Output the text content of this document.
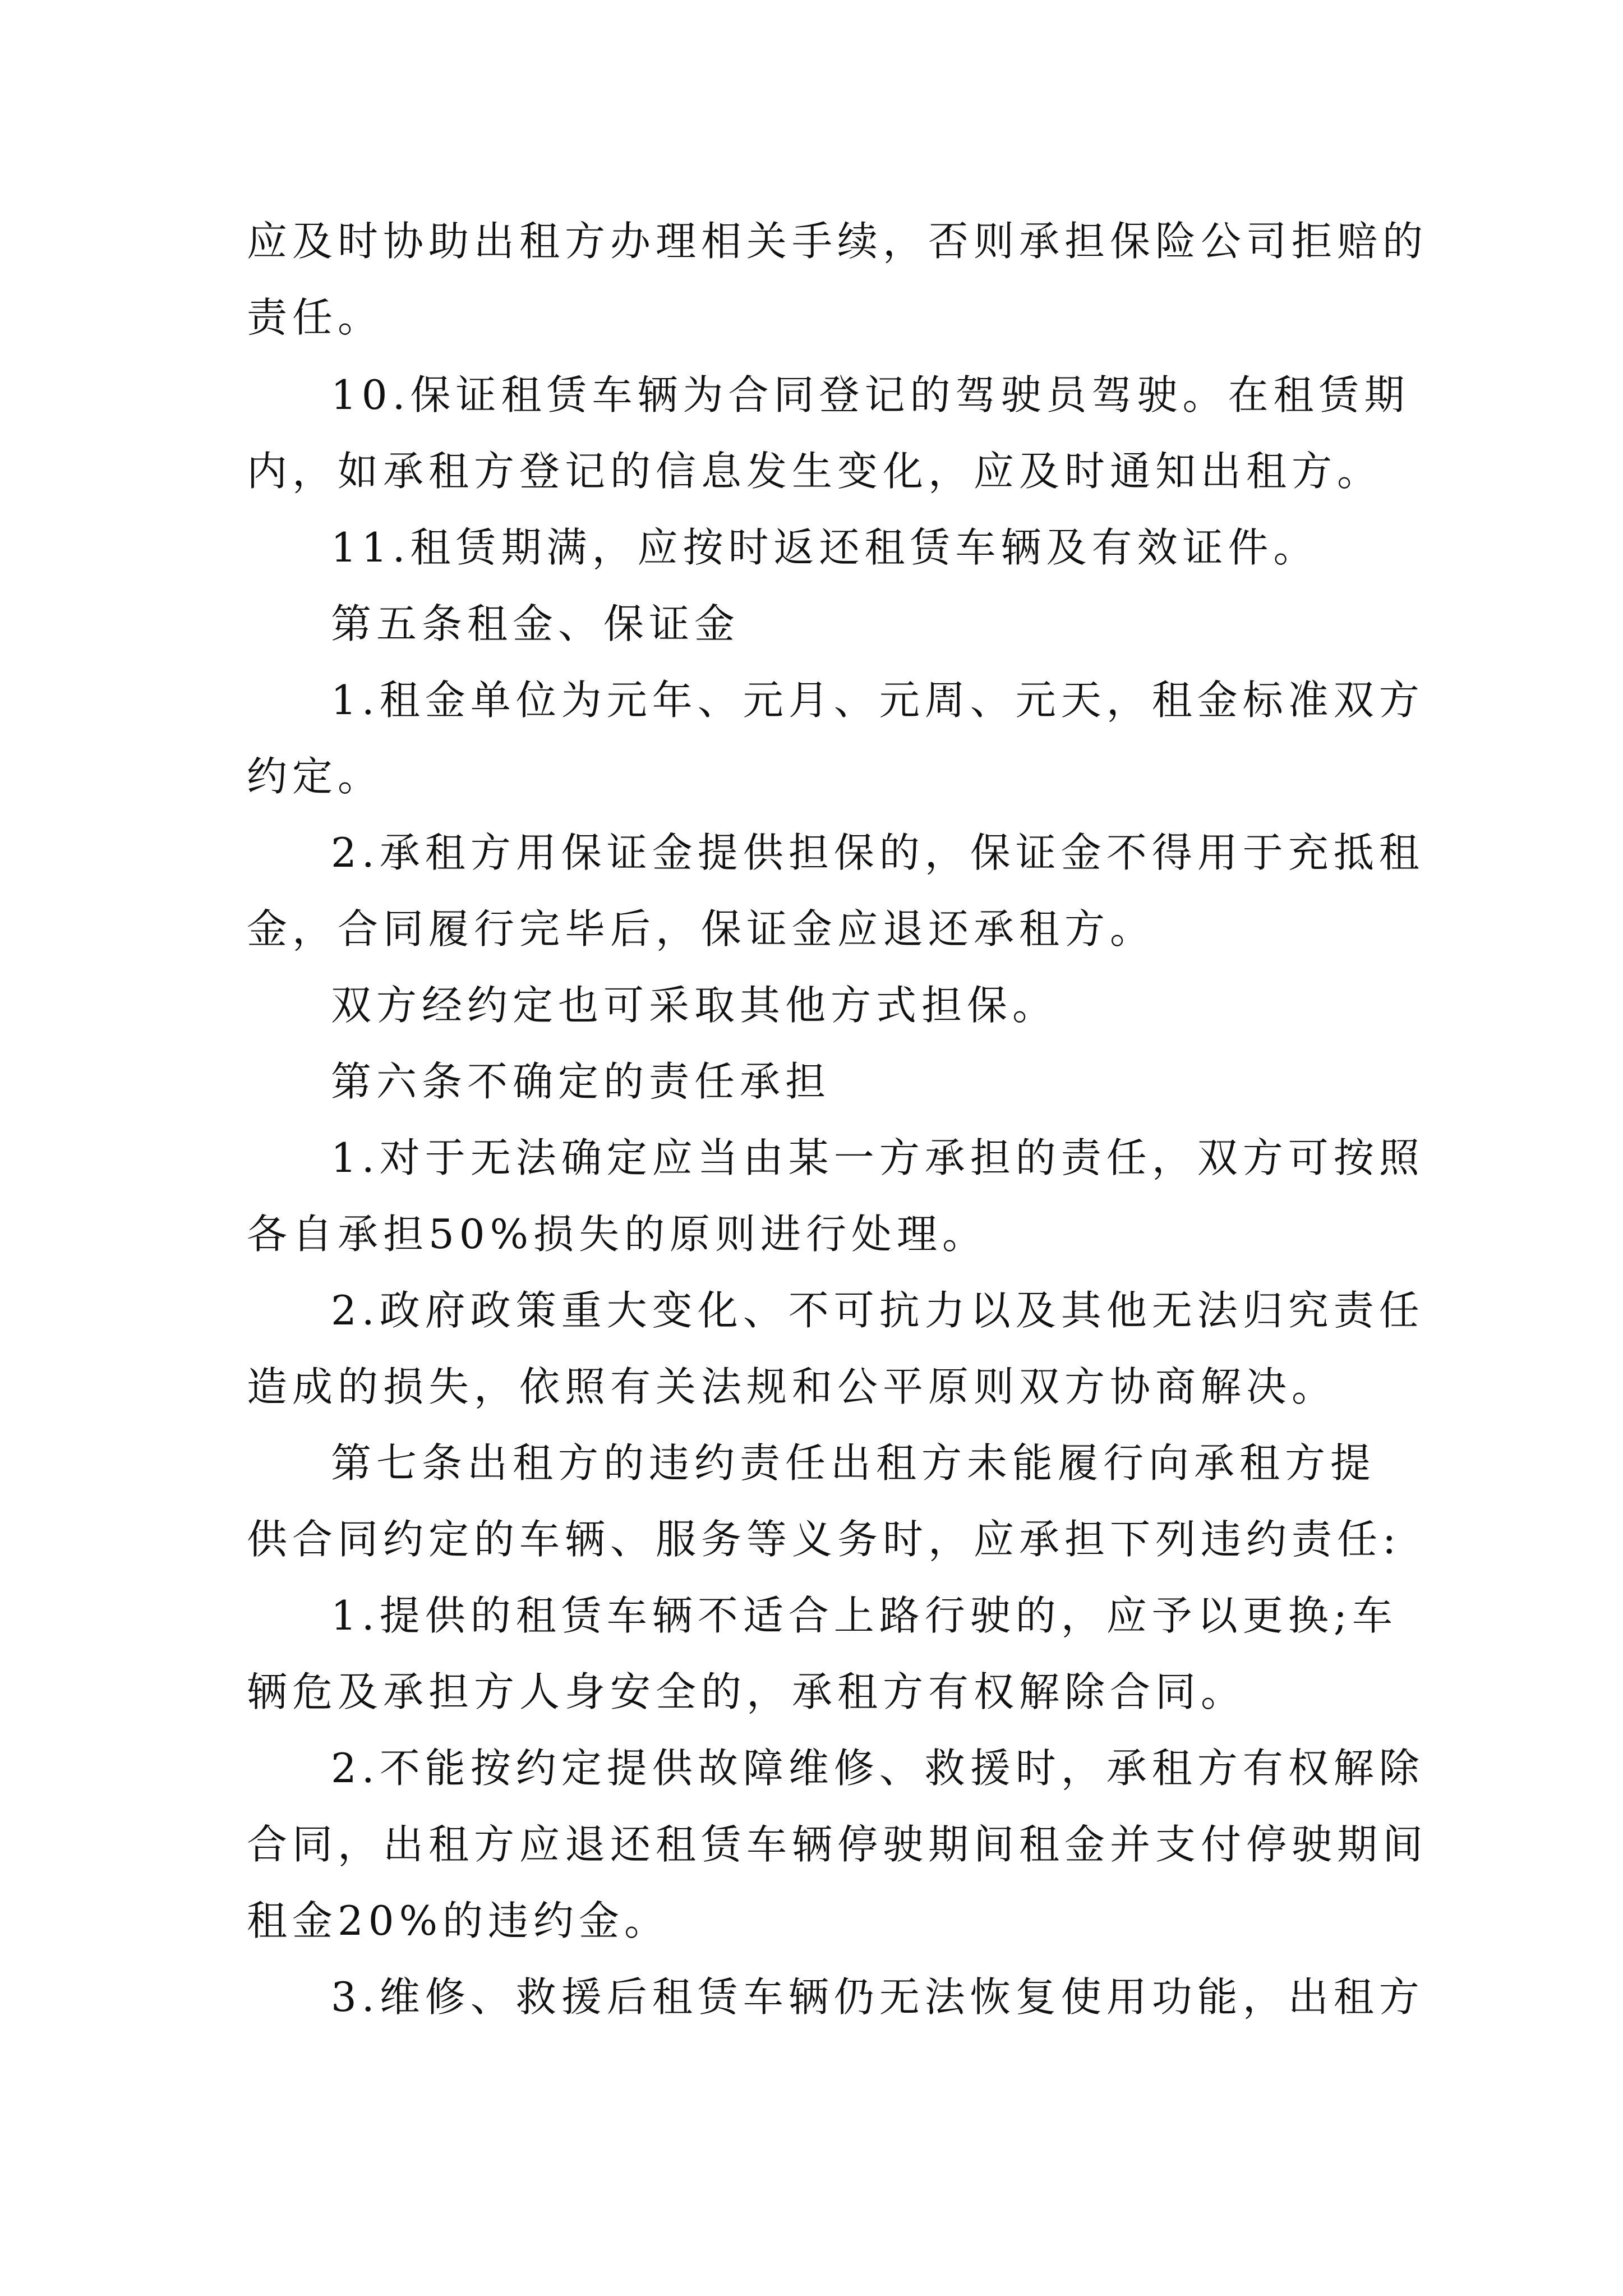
应及时协助出租方办理相关手续，否则承担保险公司拒赔的
责任。
10.保证租赁车辆为合同登记的驾驶员驾驶。在租赁期
内，如承租方登记的信息发生变化，应及时通知出租方。
11.租赁期满，应按时返还租赁车辆及有效证件。
第五条租金、保证金
1.租金单位为元年、元月、元周、元天，租金标准双方
约定。
2.承租方用保证金提供担保的，保证金不得用于充抵租
金，合同履行完毕后，保证金应退还承租方。
双方经约定也可采取其他方式担保。
第六条不确定的责任承担
1.对于无法确定应当由某一方承担的责任，双方可按照
各自承担50%损失的原则进行处理。
2.政府政策重大变化、不可抗力以及其他无法归究责任
造成的损失，依照有关法规和公平原则双方协商解决。
第七条出租方的违约责任出租方未能履行向承租方提
供合同约定的车辆、服务等义务时，应承担下列违约责任:
1.提供的租赁车辆不适合上路行驶的，应予以更换;车
辆危及承担方人身安全的，承租方有权解除合同。
2.不能按约定提供故障维修、救援时，承租方有权解除
合同，出租方应退还租赁车辆停驶期间租金并支付停驶期间
租金20%的违约金。
3.维修、救援后租赁车辆仍无法恢复使用功能，出租方
